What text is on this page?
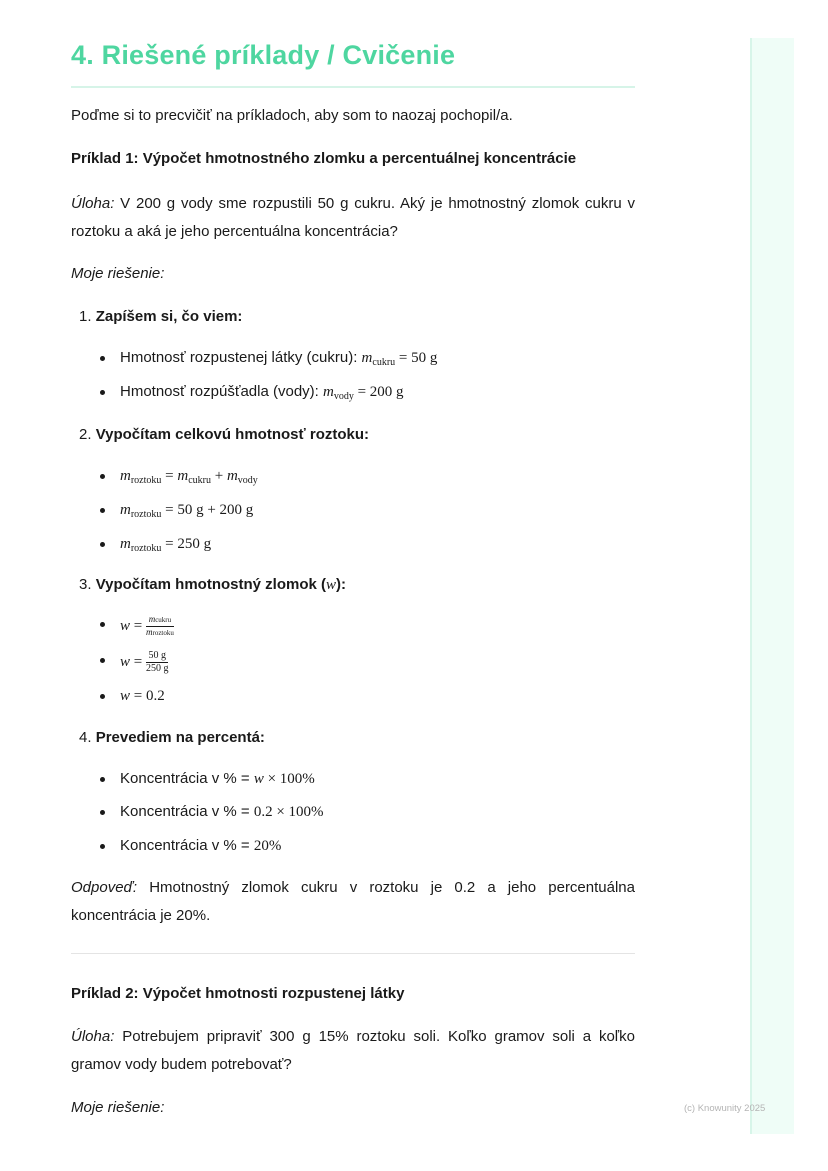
(c) Knowunity 2025
4. Riešené príklady / Cvičenie

Poďme si to precvičiť na príkladoch, aby som to naozaj pochopil/a.

Príklad 1: Výpočet hmotnostného zlomku a percentuálnej koncentrácie

Úloha: V 200 g vody sme rozpustili 50 g cukru. Aký je hmotnostný zlomok cukru v roztoku a aká je jeho percentuálna koncentrácia?

Moje riešenie:

1. Zapíšem si, čo viem:

Hmotnosť rozpustenej látky (cukru): $m_{cukru} = 50$ g

Hmotnosť rozpúšťadla (vody): $m_{vody} = 200$ g

2. Vypočítam celkovú hmotnosť roztoku:

$m_{roztoku} = m_{cukru} + m_{vody}$

$m_{roztoku} = 50$ g + 200 g

$m_{roztoku} = 250$ g

3. Vypočítam hmotnostný zlomok (w):

$w = \frac{\text{mcukru}}{\text{mroztoku}}$

$w = \frac{50 g}{250 g}$

w = 0.2

4. Prevediem na percentá:

Koncentrácia v % = w × 100%

Koncentrácia v % = 0.2 × 100%

Koncentrácia v % = 20%

Odpoveď: Hmotnostný zlomok cukru v roztoku je 0.2 a jeho percentuálna koncentrácia je 20%.

Príklad 2: Výpočet hmotnosti rozpustenej látky

Úloha: Potrebujem pripraviť 300 g 15% roztoku soli. Koľko gramov soli a koľko gramov vody budem potrebovať?

Moje riešenie:
